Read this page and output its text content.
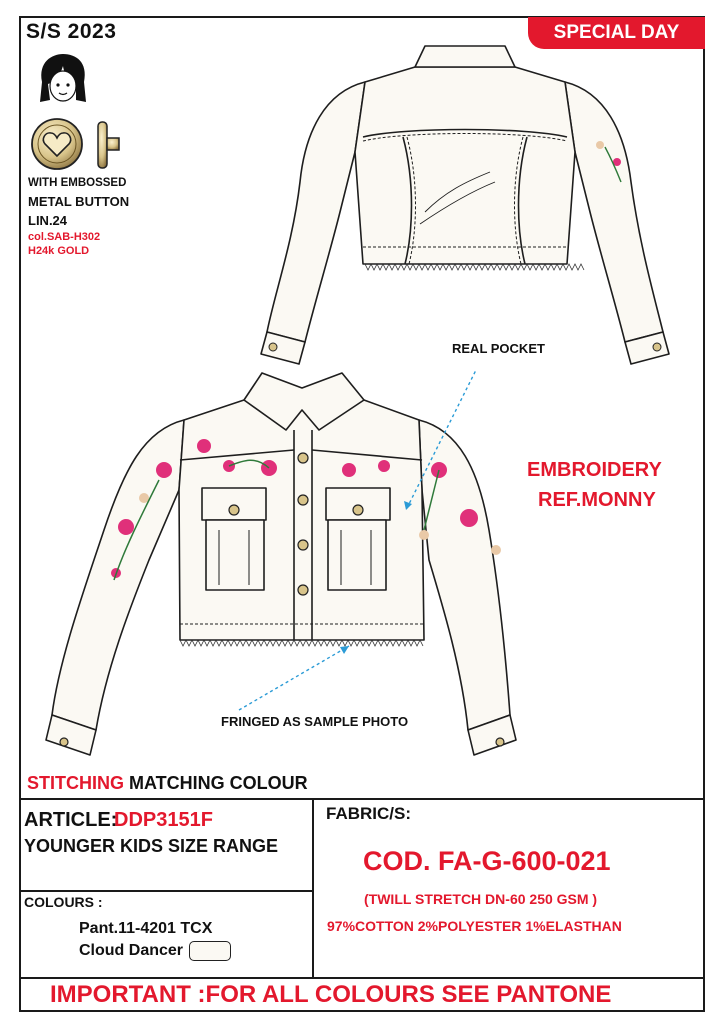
S/S 2023	SPECIAL DAY
WITH EMBOSSED
METAL BUTTON
LIN.24
col.SAB-H302
H24k GOLD
REAL POCKET
EMBROIDERY
REF.MONNY
FRINGED AS SAMPLE PHOTO
STITCHING MATCHING COLOUR
ARTICLE:
DDP3151F
YOUNGER KIDS SIZE RANGE
COLOURS :
Pant.11-4201 TCX
Cloud Dancer
FABRIC/S:
COD. FA-G-600-021
(TWILL STRETCH DN-60 250 GSM )
97%COTTON 2%POLYESTER 1%ELASTHAN
IMPORTANT :FOR ALL COLOURS SEE PANTONE
